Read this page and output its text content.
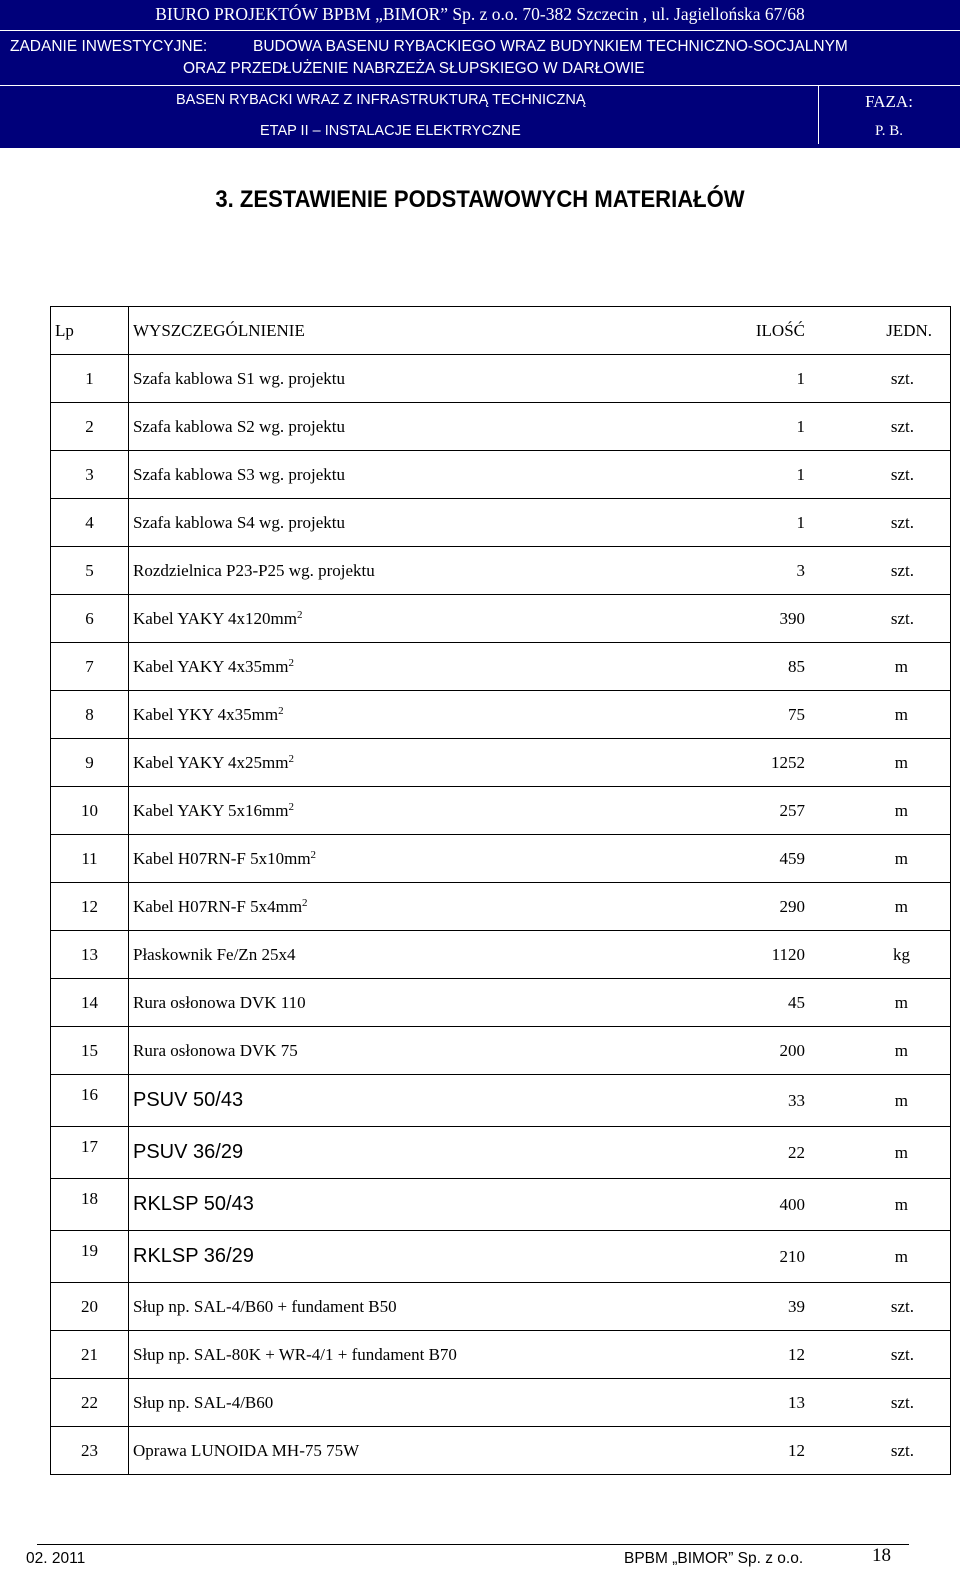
BIURO PROJEKTÓW BPBM „BIMOR” Sp. z o.o. 70-382 Szczecin , ul. Jagiellońska 67/68
ZADANIE INWESTYCYJNE:	BUDOWA BASENU RYBACKIEGO WRAZ BUDYNKIEM TECHNICZNO-SOCJALNYM
ORAZ PRZEDŁUŻENIE NABRZEŻA SŁUPSKIEGO W DARŁOWIE
BASEN RYBACKI WRAZ Z INFRASTRUKTURĄ TECHNICZNĄ
ETAP II – INSTALACJE ELEKTRYCZNE
FAZA:
P. B.
3. ZESTAWIENIE PODSTAWOWYCH MATERIAŁÓW
Lp	WYSZCZEGÓLNIENIE	ILOŚĆ	JEDN.
1	Szafa kablowa S1 wg. projektu	1	szt.
2	Szafa kablowa S2 wg. projektu	1	szt.
3	Szafa kablowa S3 wg. projektu	1	szt.
4	Szafa kablowa S4 wg. projektu	1	szt.
5	Rozdzielnica P23-P25 wg. projektu	3	szt.
6	Kabel YAKY $4x120mm^2$	390	szt.
7	Kabel YAKY $4x35mm^2$	85	m
8	Kabel YKY $4x35mm^2$	75	m
9	Kabel YAKY $4x25mm^2$	1252	m
10	Kabel YAKY $5x16mm^2$	257	m
11	Kabel H07RN-F $5x10mm^2$	459	m
12	Kabel H07RN-F $5x4mm^2$	290	m
13	Płaskownik Fe/Zn 25x4	1120	kg
14	Rura osłonowa DVK 110	45	m
15	Rura osłonowa DVK 75	200	m
16	PSUV 50/43	33	m
17	PSUV 36/29	22	m
18	RKLSP 50/43	400	m
19	RKLSP 36/29	210	m
20	Słup np. SAL-4/B60 + fundament B50	39	szt.
21	Słup np. SAL-80K + WR-4/1 + fundament B70	12	szt.
22	Słup np. SAL-4/B60	13	szt.
23	Oprawa LUNOIDA MH-75 75W	12	szt.
02. 2011	BPBM „BIMOR” Sp. z o.o.	18
